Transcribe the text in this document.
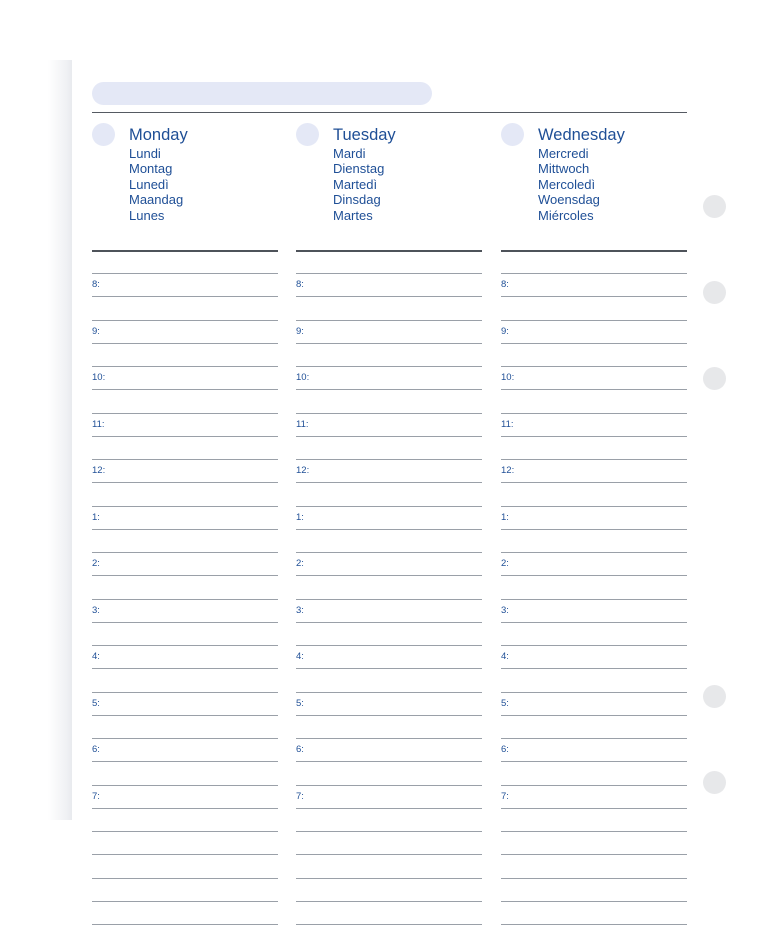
Monday
Lundi
Montag
Lunedì
Maandag
Lunes
8:
9:
10:
11:
12:
1:
2:
3:
4:
5:
6:
7:
Tuesday
Mardi
Dienstag
Martedì
Dinsdag
Martes
8:
9:
10:
11:
12:
1:
2:
3:
4:
5:
6:
7:
Wednesday
Mercredi
Mittwoch
Mercoledì
Woensdag
Miércoles
8:
9:
10:
11:
12:
1:
2:
3:
4:
5:
6:
7:
